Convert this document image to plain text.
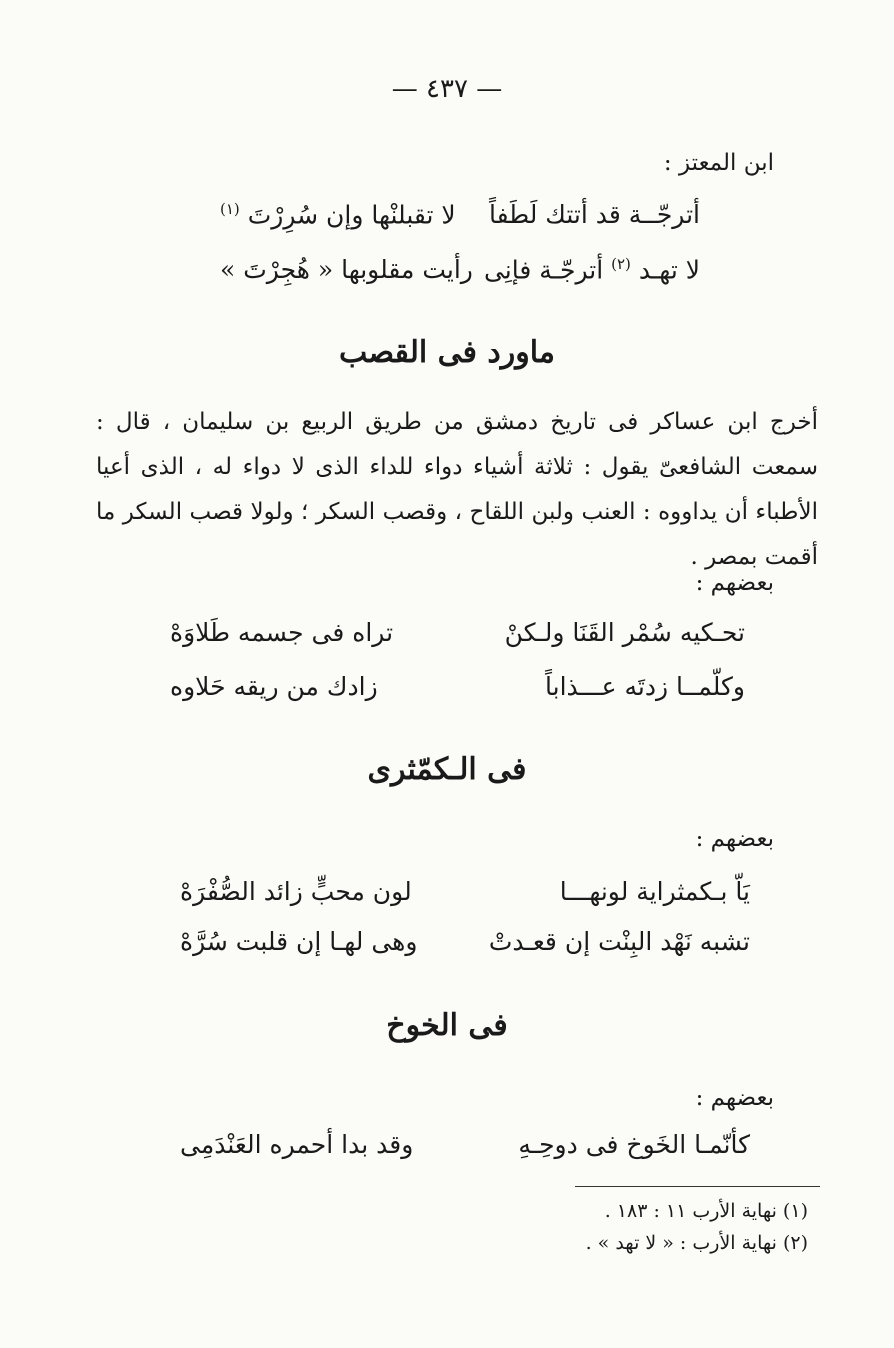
— ٤٣٧ —
ابن المعتز :
أترجّــة قد أتتك لَطَفاً
لا تقبلنْها وإن سُرِرْتَ $^{(١)}$
لا تهـد $^{(٢)}$ أترجّـة فإنِى
رأيت مقلوبها « هُجِرْتَ »
ماورد فى القصب
أخرج ابن عساكر فى تاريخ دمشق من طريق الربيع بن سليمان ، قال : سمعت الشافعىّ يقول : ثلاثة أشياء دواء للداء الذى لا دواء له ، الذى أعيا الأطباء أن يداووه : العنب ولبن اللقاح ، وقصب السكر ؛ ولولا قصب السكر ما أقمت بمصر .
بعضهم :
تحـكيه سُمْر القَنَا ولـكنْ
تراه فى جسمه طَلاوَهْ
وكلّمــا زدتَه عـــذاباً
زادك من ريقه حَلاوه
فى الـكمّثرى
بعضهم :
يَاّ بـكمثراية لونهـــا
لون محبٍّ زائد الصُّفْرَهْ
تشبه نَهْد البِنْت إن قعـدتْ
وهى لهـا إن قلبت سُرَّهْ
فى الخوخ
بعضهم :
كأنّمـا الخَوخ فى دوحِـهِ
وقد بدا أحمره العَنْدَمِى
(١) نهاية الأرب ١١ : ١٨٣ .
(٢) نهاية الأرب : « لا تهد » .
